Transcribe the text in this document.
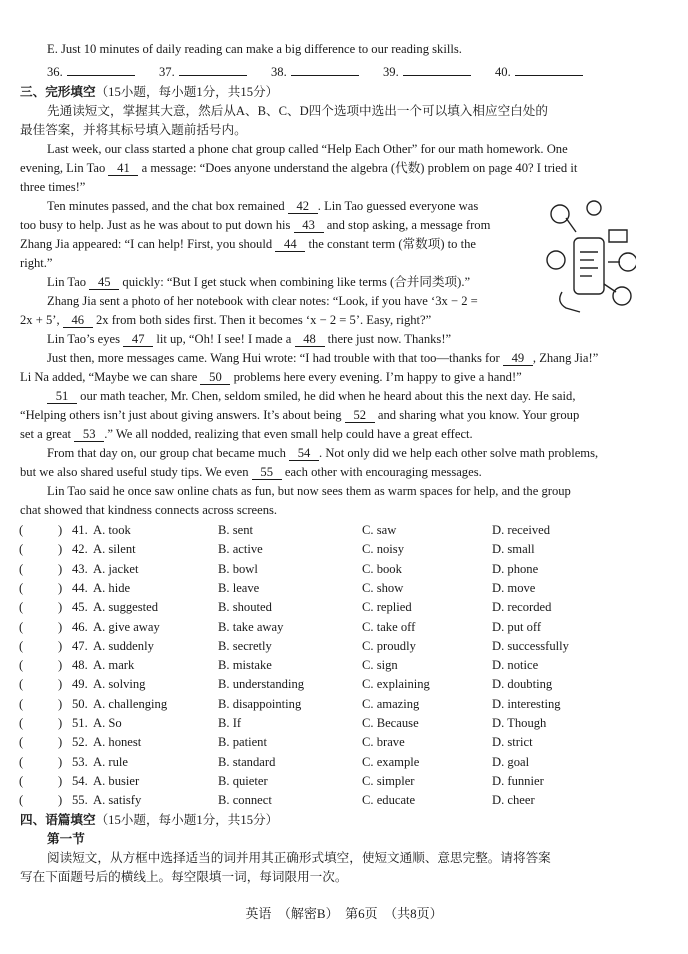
E. Just 10 minutes of daily reading can make a big difference to our reading skills.
36.	37.	38.	39.	40.
三、完形填空（15小题，每小题1分，共15分）
先通读短文，掌握其大意，然后从A、B、C、D四个选项中选出一个可以填入相应空白处的
最佳答案，并将其标号填入题前括号内。
Last week, our class started a phone chat group called “Help Each Other” for our math homework. One
evening, Lin Tao 41 a message: “Does anyone understand the algebra (代数) problem on page 40? I tried it
three times!”
Ten minutes passed, and the chat box remained 42 . Lin Tao guessed everyone was
too busy to help. Just as he was about to put down his 43 and stop asking, a message from
Zhang Jia appeared: “I can help! First, you should 44 the constant term (常数项) to the
right.”
Lin Tao 45 quickly: “But I get stuck when combining like terms (合并同类项).”
Zhang Jia sent a photo of her notebook with clear notes: “Look, if you have ‘3x − 2 =
2x + 5’, 46 2x from both sides first. Then it becomes ‘x − 2 = 5’. Easy, right?”
Lin Tao’s eyes 47 lit up, “Oh! I see! I made a 48 there just now. Thanks!”
Just then, more messages came. Wang Hui wrote: “I had trouble with that too—thanks for 49 , Zhang Jia!”
Li Na added, “Maybe we can share 50 problems here every evening. I’m happy to give a hand!”
51 our math teacher, Mr. Chen, seldom smiled, he did when he heard about this the next day. He said,
“Helping others isn’t just about giving answers. It’s about being 52 and sharing what you know. Your group
set a great 53 .” We all nodded, realizing that even small help could have a great effect.
From that day on, our group chat became much 54 . Not only did we help each other solve math problems,
but we also shared useful study tips. We even 55 each other with encouraging messages.
Lin Tao said he once saw online chats as fun, but now sees them as warm spaces for help, and the group
chat showed that kindness connects across screens.
(	) 41. A. took	B. sent	C. saw	D. received
(	) 42. A. silent	B. active	C. noisy	D. small
(	) 43. A. jacket	B. bowl	C. book	D. phone
(	) 44. A. hide	B. leave	C. show	D. move
(	) 45. A. suggested	B. shouted	C. replied	D. recorded
(	) 46. A. give away	B. take away	C. take off	D. put off
(	) 47. A. suddenly	B. secretly	C. proudly	D. successfully
(	) 48. A. mark	B. mistake	C. sign	D. notice
(	) 49. A. solving	B. understanding	C. explaining	D. doubting
(	) 50. A. challenging	B. disappointing	C. amazing	D. interesting
(	) 51. A. So	B. If	C. Because	D. Though
(	) 52. A. honest	B. patient	C. brave	D. strict
(	) 53. A. rule	B. standard	C. example	D. goal
(	) 54. A. busier	B. quieter	C. simpler	D. funnier
(	) 55. A. satisfy	B. connect	C. educate	D. cheer
四、语篇填空（15小题，每小题1分，共15分）
第一节
阅读短文，从方框中选择适当的词并用其正确形式填空，使短文通顺、意思完整。请将答案
写在下面题号后的横线上。每空限填一词，每词限用一次。
英语　（解密B）　第6页　（共8页）
